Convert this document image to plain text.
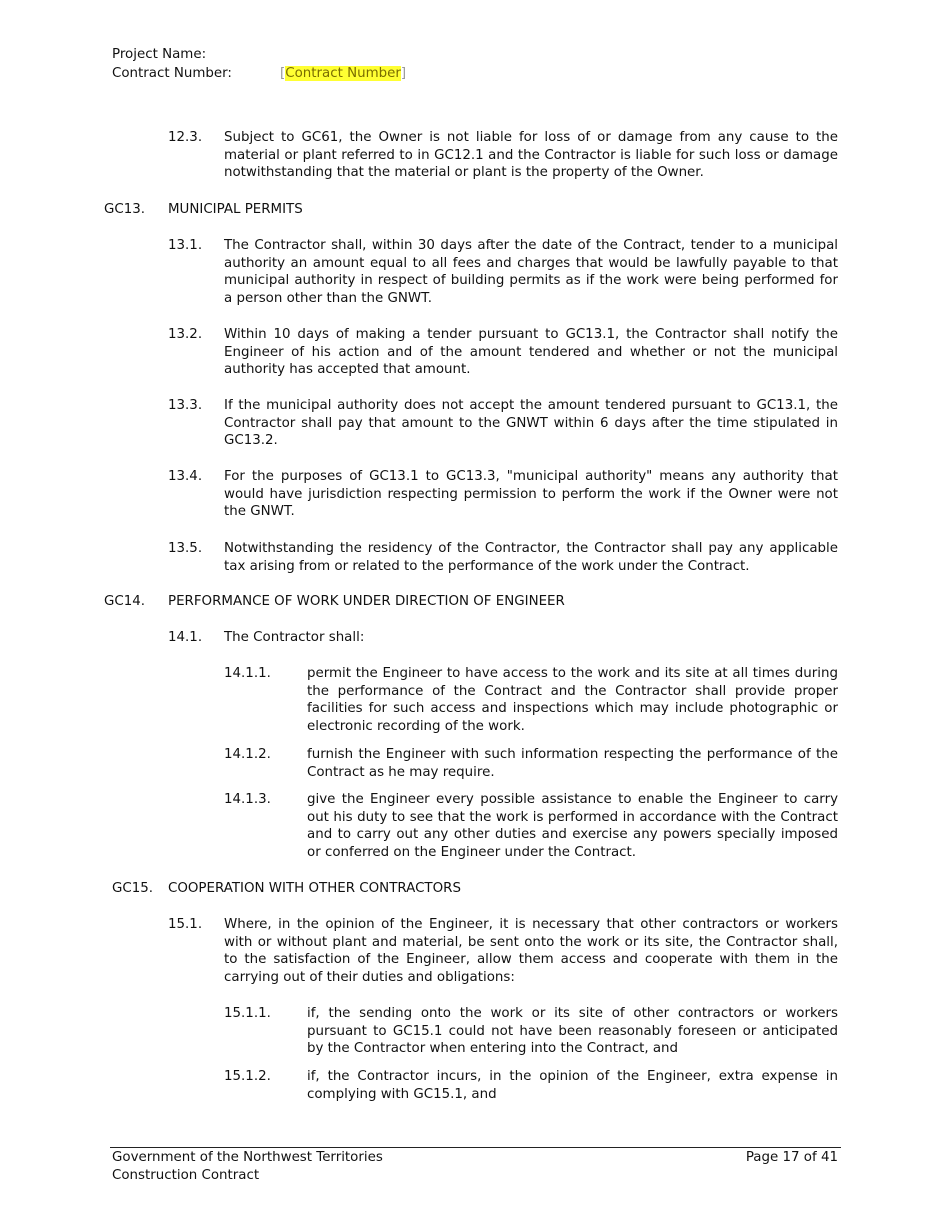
Project Name:
Contract Number:	[Contract Number]
12.3.	Subject to GC61, the Owner is not liable for loss of or damage from any cause to the material or plant referred to in GC12.1 and the Contractor is liable for such loss or damage notwithstanding that the material or plant is the property of the Owner.
GC13.	MUNICIPAL PERMITS
13.1.	The Contractor shall, within 30 days after the date of the Contract, tender to a municipal authority an amount equal to all fees and charges that would be lawfully payable to that municipal authority in respect of building permits as if the work were being performed for a person other than the GNWT.
13.2.	Within 10 days of making a tender pursuant to GC13.1, the Contractor shall notify the Engineer of his action and of the amount tendered and whether or not the municipal authority has accepted that amount.
13.3.	If the municipal authority does not accept the amount tendered pursuant to GC13.1, the Contractor shall pay that amount to the GNWT within 6 days after the time stipulated in GC13.2.
13.4.	For the purposes of GC13.1 to GC13.3, "municipal authority" means any authority that would have jurisdiction respecting permission to perform the work if the Owner were not the GNWT.
13.5.	Notwithstanding the residency of the Contractor, the Contractor shall pay any applicable tax arising from or related to the performance of the work under the Contract.
GC14.	PERFORMANCE OF WORK UNDER DIRECTION OF ENGINEER
14.1.	The Contractor shall:
14.1.1.	permit the Engineer to have access to the work and its site at all times during the performance of the Contract and the Contractor shall provide proper facilities for such access and inspections which may include photographic or electronic recording of the work.
14.1.2.	furnish the Engineer with such information respecting the performance of the Contract as he may require.
14.1.3.	give the Engineer every possible assistance to enable the Engineer to carry out his duty to see that the work is performed in accordance with the Contract and to carry out any other duties and exercise any powers specially imposed or conferred on the Engineer under the Contract.
GC15.	COOPERATION WITH OTHER CONTRACTORS
15.1.	Where, in the opinion of the Engineer, it is necessary that other contractors or workers with or without plant and material, be sent onto the work or its site, the Contractor shall, to the satisfaction of the Engineer, allow them access and cooperate with them in the carrying out of their duties and obligations:
15.1.1.	if, the sending onto the work or its site of other contractors or workers pursuant to GC15.1 could not have been reasonably foreseen or anticipated by the Contractor when entering into the Contract, and
15.1.2.	if, the Contractor incurs, in the opinion of the Engineer, extra expense in complying with GC15.1, and
Government of the Northwest Territories
Construction Contract
Page 17 of 41
